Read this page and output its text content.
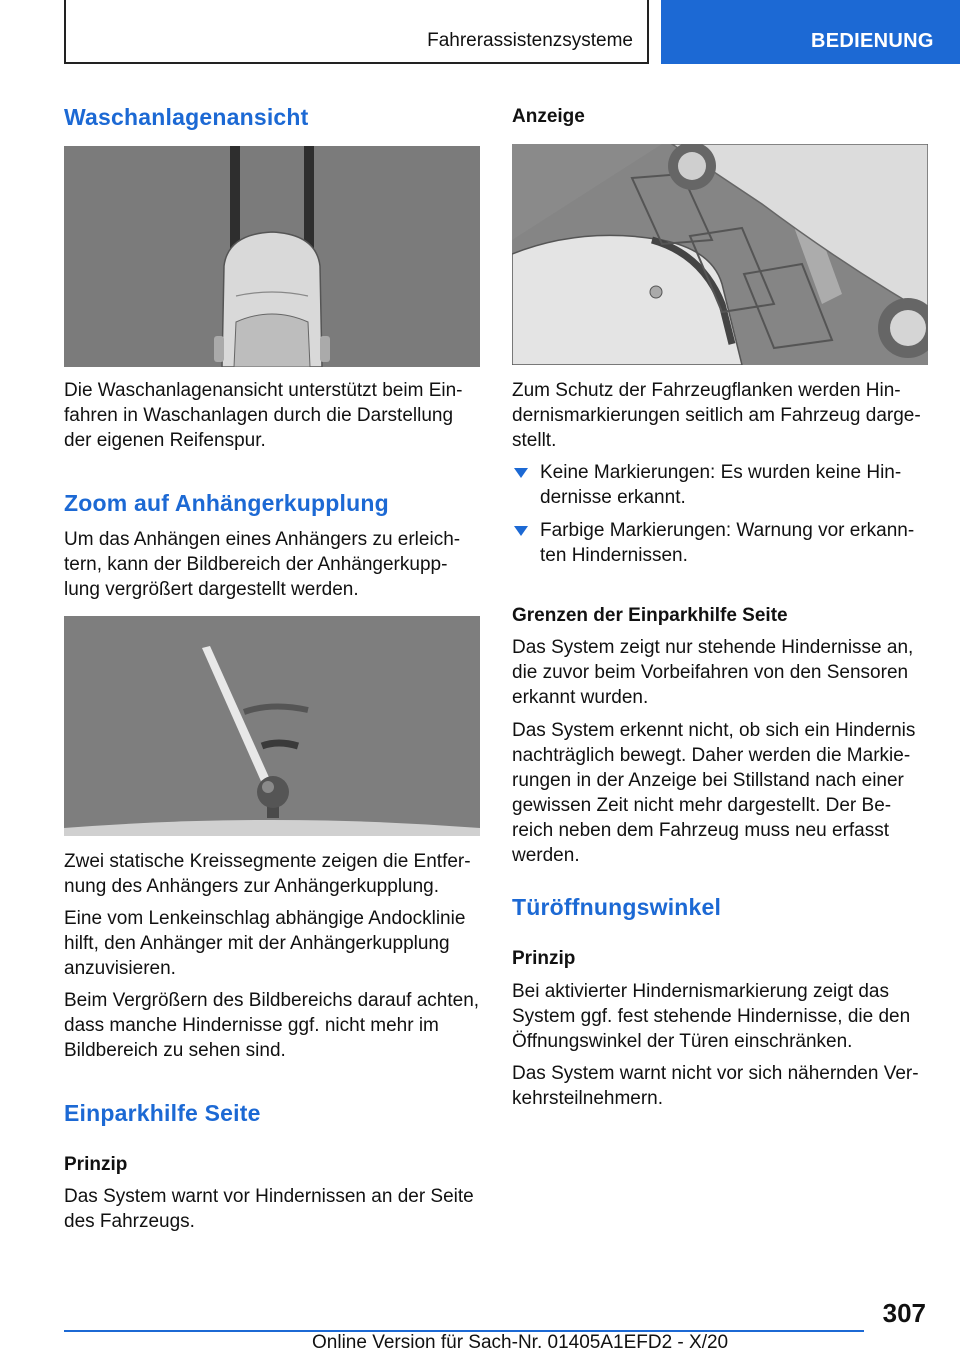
Fahrerassistenzsysteme	BEDIENUNG
Waschanlagenansicht
Die Waschanlagenansicht unterstützt beim Ein-
fahren in Waschanlagen durch die Darstellung
der eigenen Reifenspur.
Zoom auf Anhängerkupplung
Um das Anhängen eines Anhängers zu erleich-
tern, kann der Bildbereich der Anhängerkupp-
lung vergrößert dargestellt werden.
Zwei statische Kreissegmente zeigen die Entfer-
nung des Anhängers zur Anhängerkupplung.
Eine vom Lenkeinschlag abhängige Andocklinie
hilft, den Anhänger mit der Anhängerkupplung
anzuvisieren.
Beim Vergrößern des Bildbereichs darauf achten,
dass manche Hindernisse ggf. nicht mehr im
Bildbereich zu sehen sind.
Einparkhilfe Seite
Prinzip
Das System warnt vor Hindernissen an der Seite
des Fahrzeugs.
Anzeige
Zum Schutz der Fahrzeugflanken werden Hin-
dernismarkierungen seitlich am Fahrzeug darge-
stellt.
Keine Markierungen: Es wurden keine Hin-
dernisse erkannt.
Farbige Markierungen: Warnung vor erkann-
ten Hindernissen.
Grenzen der Einparkhilfe Seite
Das System zeigt nur stehende Hindernisse an,
die zuvor beim Vorbeifahren von den Sensoren
erkannt wurden.
Das System erkennt nicht, ob sich ein Hindernis
nachträglich bewegt. Daher werden die Markie-
rungen in der Anzeige bei Stillstand nach einer
gewissen Zeit nicht mehr dargestellt. Der Be-
reich neben dem Fahrzeug muss neu erfasst
werden.
Türöffnungswinkel
Prinzip
Bei aktivierter Hindernismarkierung zeigt das
System ggf. fest stehende Hindernisse, die den
Öffnungswinkel der Türen einschränken.
Das System warnt nicht vor sich nähernden Ver-
kehrsteilnehmern.
307
Online Version für Sach-Nr. 01405A1EFD2 - X/20
